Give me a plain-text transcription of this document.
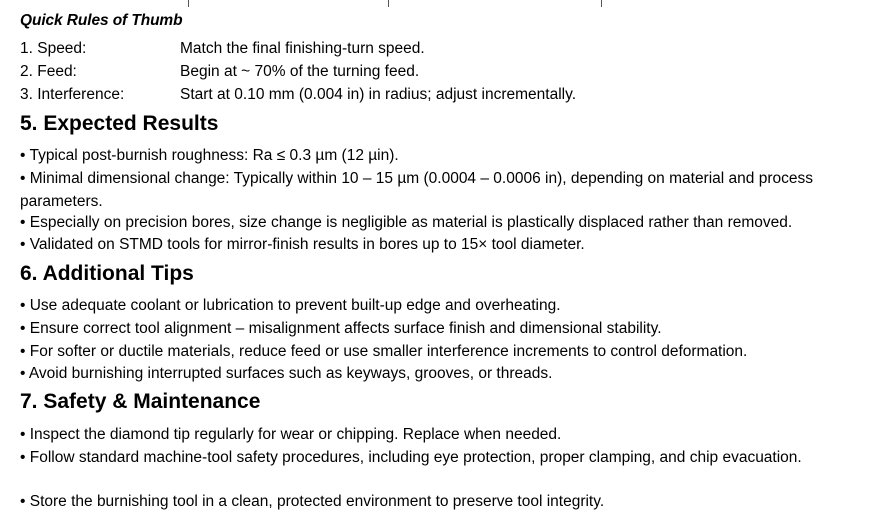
Quick Rules of Thumb
1. Speed:	Match the final finishing-turn speed.
2. Feed:	Begin at ~ 70% of the turning feed.
3. Interference:	Start at 0.10 mm (0.004 in) in radius; adjust incrementally.
5. Expected Results
• Typical post-burnish roughness: Ra ≤ 0.3 µm (12 µin).
• Minimal dimensional change: Typically within 10 – 15 µm (0.0004 – 0.0006 in), depending on material and process parameters.
• Especially on precision bores, size change is negligible as material is plastically displaced rather than removed.
• Validated on STMD tools for mirror-finish results in bores up to 15× tool diameter.
6. Additional Tips
• Use adequate coolant or lubrication to prevent built-up edge and overheating.
• Ensure correct tool alignment – misalignment affects surface finish and dimensional stability.
• For softer or ductile materials, reduce feed or use smaller interference increments to control deformation.
• Avoid burnishing interrupted surfaces such as keyways, grooves, or threads.
7. Safety & Maintenance
• Inspect the diamond tip regularly for wear or chipping. Replace when needed.
• Follow standard machine-tool safety procedures, including eye protection, proper clamping, and chip evacuation.
• Store the burnishing tool in a clean, protected environment to preserve tool integrity.
